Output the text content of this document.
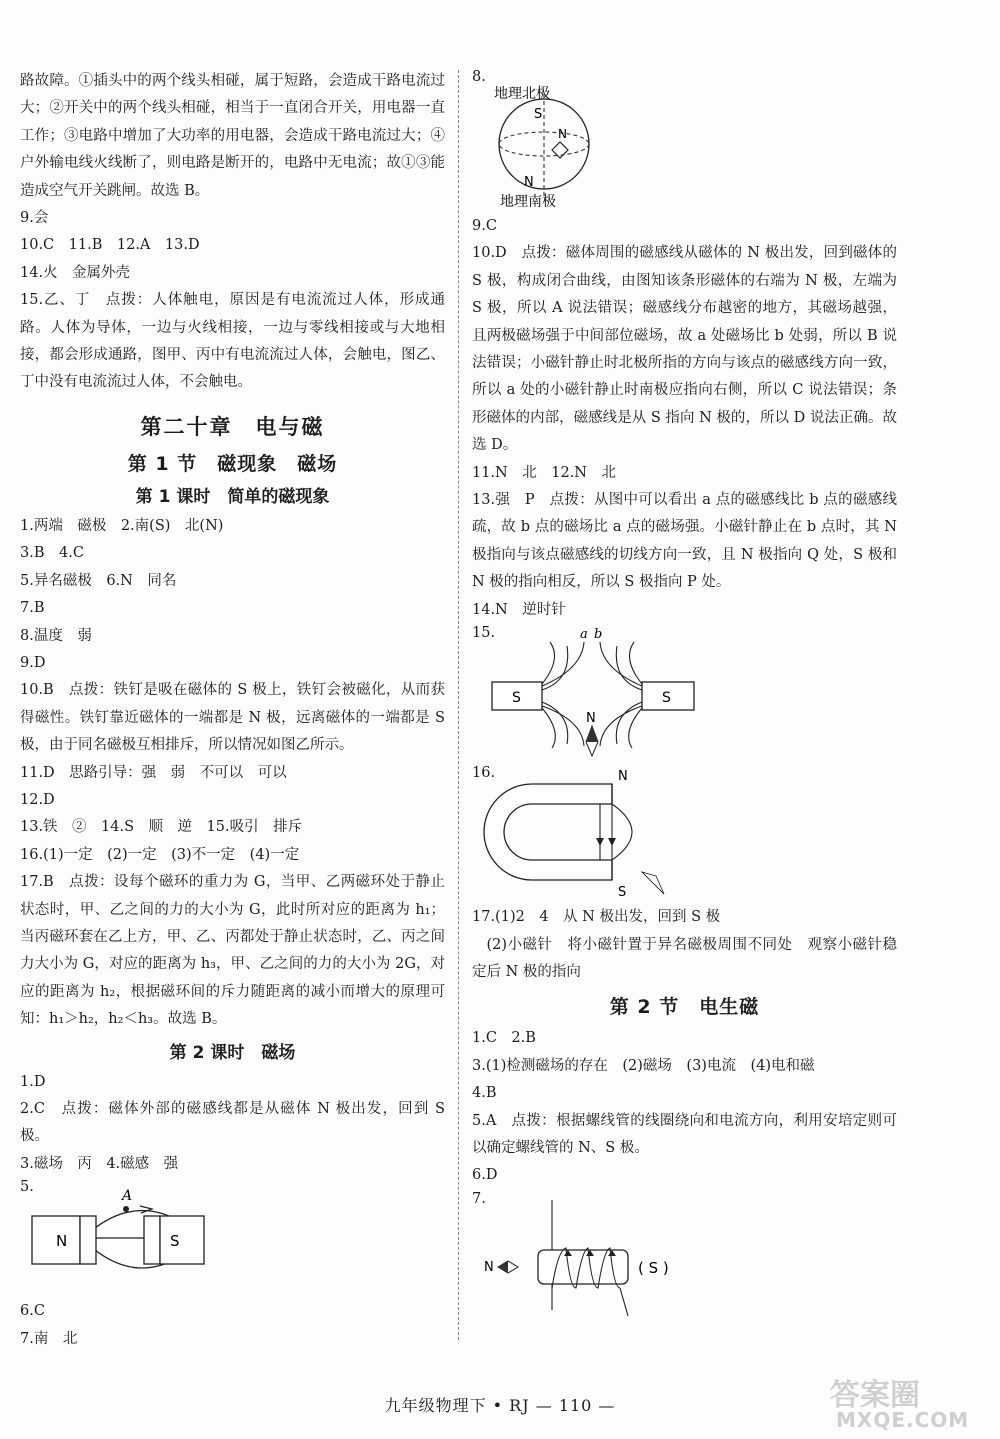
路故障。①插头中的两个线头相碰，属于短路，会造成干路电流过大；②开关中的两个线头相碰，相当于一直闭合开关，用电器一直工作；③电路中增加了大功率的用电器，会造成干路电流过大；④户外输电线火线断了，则电路是断开的，电路中无电流；故①③能造成空气开关跳闸。故选 B。

9.会

10.C　11.B　12.A　13.D

14.火　金属外壳

15.乙、丁　点拨：人体触电，原因是有电流流过人体，形成通路。人体为导体，一边与火线相接，一边与零线相接或与大地相接，都会形成通路，图甲、丙中有电流流过人体，会触电，图乙、丁中没有电流流过人体，不会触电。

第二十章　电与磁
第 1 节　磁现象　磁场
第 1 课时　简单的磁现象

1.两端　磁极　2.南(S)　北(N)

3.B　4.C

5.异名磁极　6.N　同名

7.B

8.温度　弱

9.D

10.B　点拨：铁钉是吸在磁体的 S 极上，铁钉会被磁化，从而获得磁性。铁钉靠近磁体的一端都是 N 极，远离磁体的一端都是 S 极，由于同名磁极互相排斥，所以情况如图乙所示。

11.D　思路引导：强　弱　不可以　可以

12.D

13.铁　②　14.S　顺　逆　15.吸引　排斥

16.(1)一定　(2)一定　(3)不一定　(4)一定

17.B　点拨：设每个磁环的重力为 G，当甲、乙两磁环处于静止状态时，甲、乙之间的力的大小为 G，此时所对应的距离为 h₁；当丙磁环套在乙上方，甲、乙、丙都处于静止状态时，乙、丙之间力大小为 G，对应的距离为 h₃，甲、乙之间的力的大小为 2G，对应的距离为 h₂，根据磁环间的斥力随距离的减小而增大的原理可知：h₁＞h₂，h₂＜h₃。故选 B。

第 2 课时　磁场

1.D

2.C　点拨：磁体外部的磁感线都是从磁体 N 极出发，回到 S 极。

3.磁场　丙　4.磁感　强

5.
A
N	S

6.C

7.南　北

8.
地理北极
S
N
N
地理南极

9.C

10.D　点拨：磁体周围的磁感线从磁体的 N 极出发，回到磁体的 S 极，构成闭合曲线，由图知该条形磁体的右端为 N 极，左端为 S 极，所以 A 说法错误；磁感线分布越密的地方，其磁场越强，且两极磁场强于中间部位磁场，故 a 处磁场比 b 处弱，所以 B 说法错误；小磁针静止时北极所指的方向与该点的磁感线方向一致，所以 a 处的小磁针静止时南极应指向右侧，所以 C 说法错误；条形磁体的内部，磁感线是从 S 指向 N 极的，所以 D 说法正确。故选 D。

11.N　北　12.N　北

13.强　P　点拨：从图中可以看出 a 点的磁感线比 b 点的磁感线疏，故 b 点的磁场比 a 点的磁场强。小磁针静止在 b 点时，其 N 极指向与该点磁感线的切线方向一致，且 N 极指向 Q 处，S 极和 N 极的指向相反，所以 S 极指向 P 处。

14.N　逆时针

15.
S	S
a b
N
16.	N
S

17.(1)2　4　从 N 极出发，回到 S 极

(2)小磁针　将小磁针置于异名磁极周围不同处　观察小磁针稳定后 N 极的指向

第 2 节　电生磁

1.C　2.B

3.(1)检测磁场的存在　(2)磁场　(3)电流　(4)电和磁

4.B

5.A　点拨：根据螺线管的线圈绕向和电流方向，利用安培定则可以确定螺线管的 N、S 极。

6.D

7.
N	( S )
九年级物理下 • RJ — 110 —	答案圈
MXQE.COM
